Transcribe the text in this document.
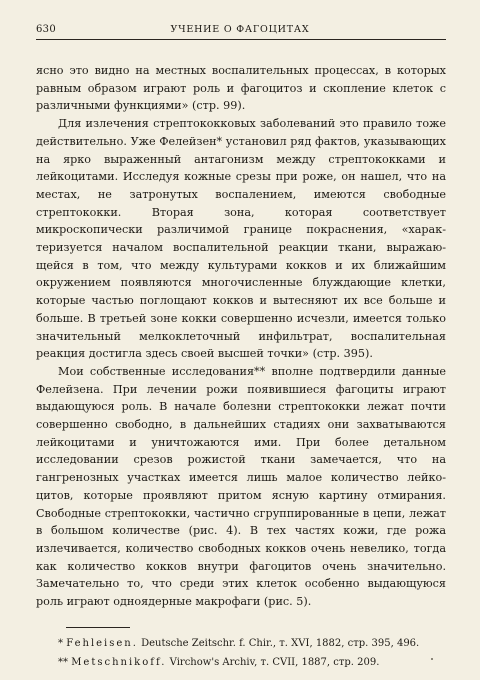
630	УЧЕНИЕ О ФАГОЦИТАХ

ясно это видно на местных воспалительных процессах, в которых равным образом играют роль и фагоцитоз и скопление клеток с различными функциями» (стр. 99).

Для излечения стрептококковых заболеваний это правило тоже действительно. Уже Фелейзен* установил ряд фактов, указывающих на ярко выраженный антагонизм между стрептококками и лейкоцитами. Исследуя кожные срезы при роже, он нашел, что на местах, не затронутых воспалением, имеются свободные стрептококки. Вторая зона, которая соответствует микроскопически различимой границе покраснения, «характеризуется началом воспалительной реакции ткани, выражающейся в том, что между культурами кокков и их ближайшим окружением появляются многочисленные блуждающие клетки, которые частью поглощают кокков и вытесняют их все больше и больше. В третьей зоне кокки совершенно исчезли, имеется только значительный мелкоклеточный инфильтрат, воспалительная реакция достигла здесь своей высшей точки» (стр. 395).

Мои собственные исследования** вполне подтвердили данные Фелейзена. При лечении рожи появившиеся фагоциты играют выдающуюся роль. В начале болезни стрептококки лежат почти совершенно свободно, в дальнейших стадиях они захватываются лейкоцитами и уничтожаются ими. При более детальном исследовании срезов рожистой ткани замечается, что на гангренозных участках имеется лишь малое количество лейкоцитов, которые проявляют притом ясную картину отмирания. Свободные стрептококки, частично сгруппированные в цепи, лежат в большом количестве (рис. 4). В тех частях кожи, где рожа излечивается, количество свободных кокков очень невелико, тогда как количество кокков внутри фагоцитов очень значительно. Замечательно то, что среди этих клеток особенно выдающуюся роль играют одноядерные макрофаги (рис. 5).

* Fehleisen. Deutsche Zeitschr. f. Chir., т. XVI, 1882, стр. 395, 496.

** Metschnikoff. Virchow's Archiv, т. CVII, 1887, стр. 209.
